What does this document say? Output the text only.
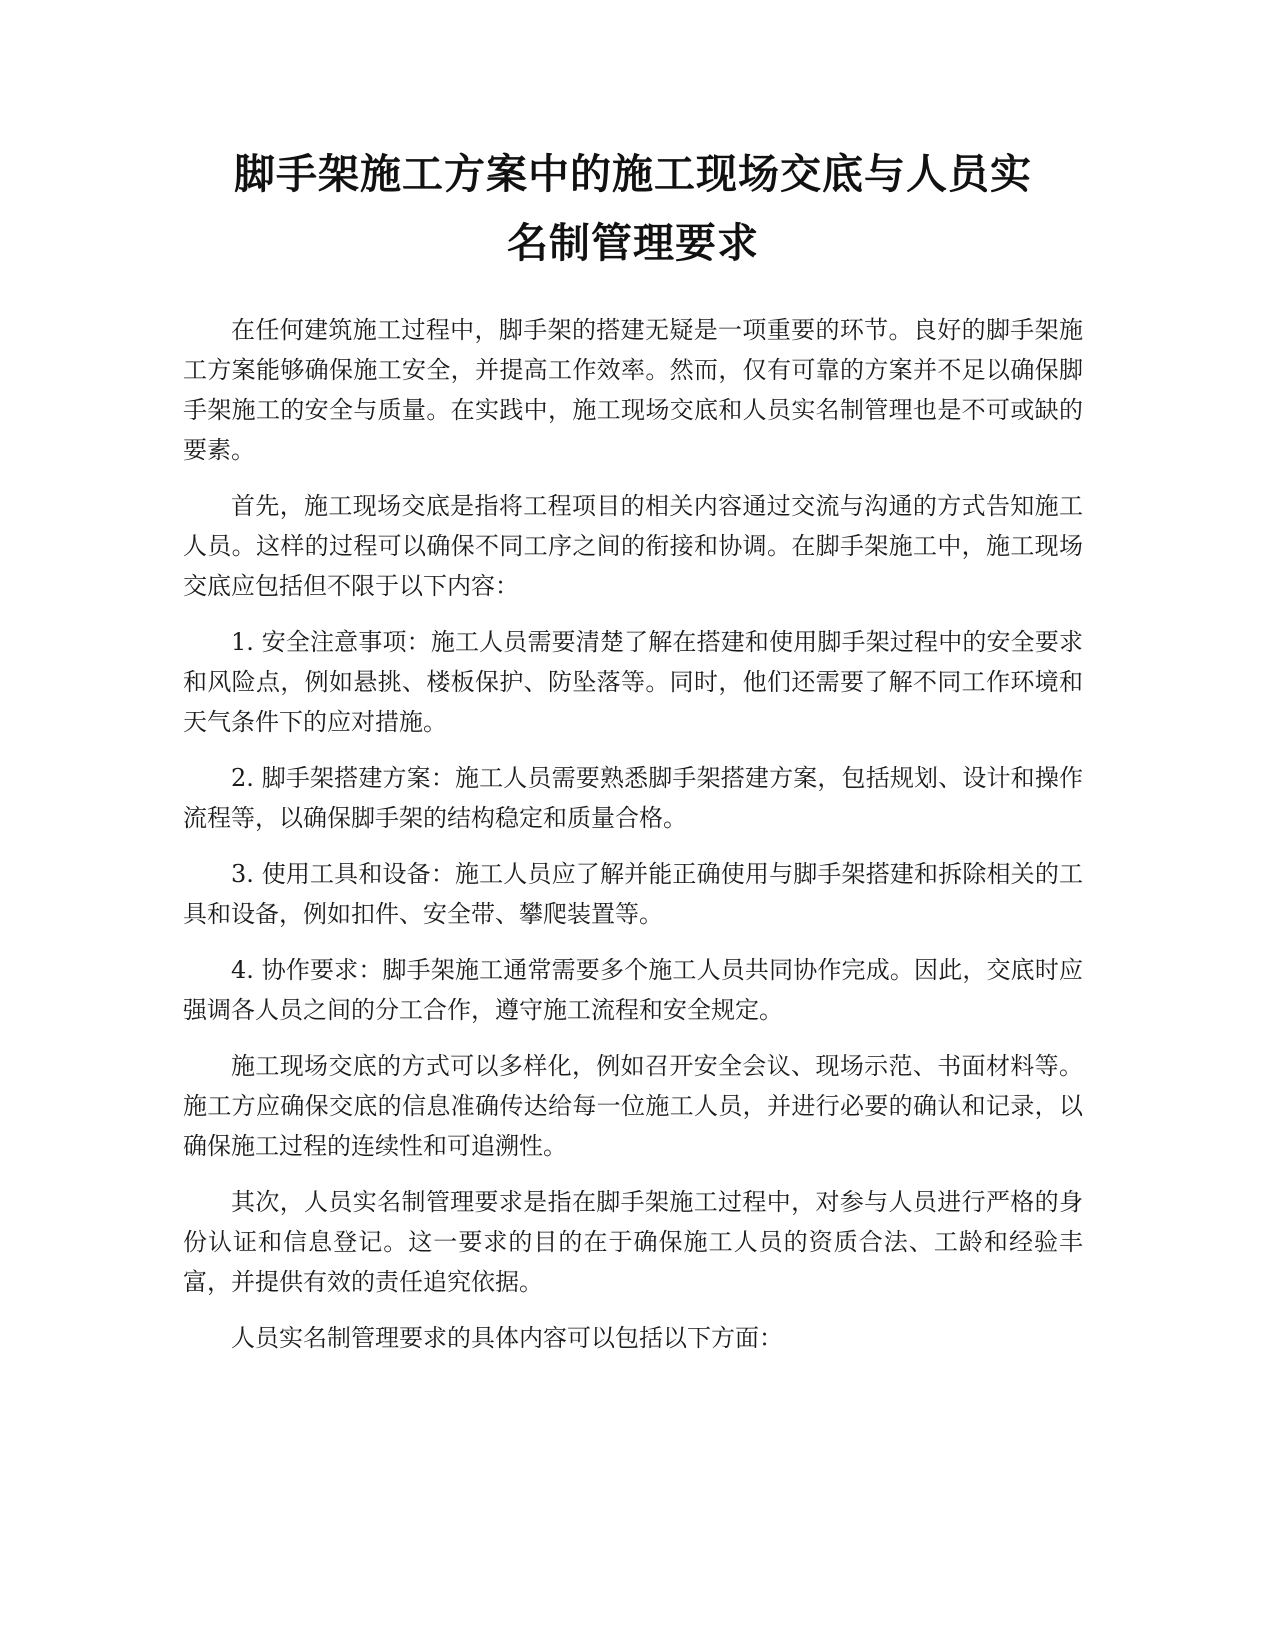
脚手架施工方案中的施工现场交底与人员实
名制管理要求

在任何建筑施工过程中，脚手架的搭建无疑是一项重要的环节。良好的脚手架施工方案能够确保施工安全，并提高工作效率。然而，仅有可靠的方案并不足以确保脚手架施工的安全与质量。在实践中，施工现场交底和人员实名制管理也是不可或缺的要素。

首先，施工现场交底是指将工程项目的相关内容通过交流与沟通的方式告知施工人员。这样的过程可以确保不同工序之间的衔接和协调。在脚手架施工中，施工现场交底应包括但不限于以下内容：

1. 安全注意事项：施工人员需要清楚了解在搭建和使用脚手架过程中的安全要求和风险点，例如悬挑、楼板保护、防坠落等。同时，他们还需要了解不同工作环境和天气条件下的应对措施。

2. 脚手架搭建方案：施工人员需要熟悉脚手架搭建方案，包括规划、设计和操作流程等，以确保脚手架的结构稳定和质量合格。

3. 使用工具和设备：施工人员应了解并能正确使用与脚手架搭建和拆除相关的工具和设备，例如扣件、安全带、攀爬装置等。

4. 协作要求：脚手架施工通常需要多个施工人员共同协作完成。因此，交底时应强调各人员之间的分工合作，遵守施工流程和安全规定。

施工现场交底的方式可以多样化，例如召开安全会议、现场示范、书面材料等。施工方应确保交底的信息准确传达给每一位施工人员，并进行必要的确认和记录，以确保施工过程的连续性和可追溯性。

其次，人员实名制管理要求是指在脚手架施工过程中，对参与人员进行严格的身份认证和信息登记。这一要求的目的在于确保施工人员的资质合法、工龄和经验丰富，并提供有效的责任追究依据。

人员实名制管理要求的具体内容可以包括以下方面：
